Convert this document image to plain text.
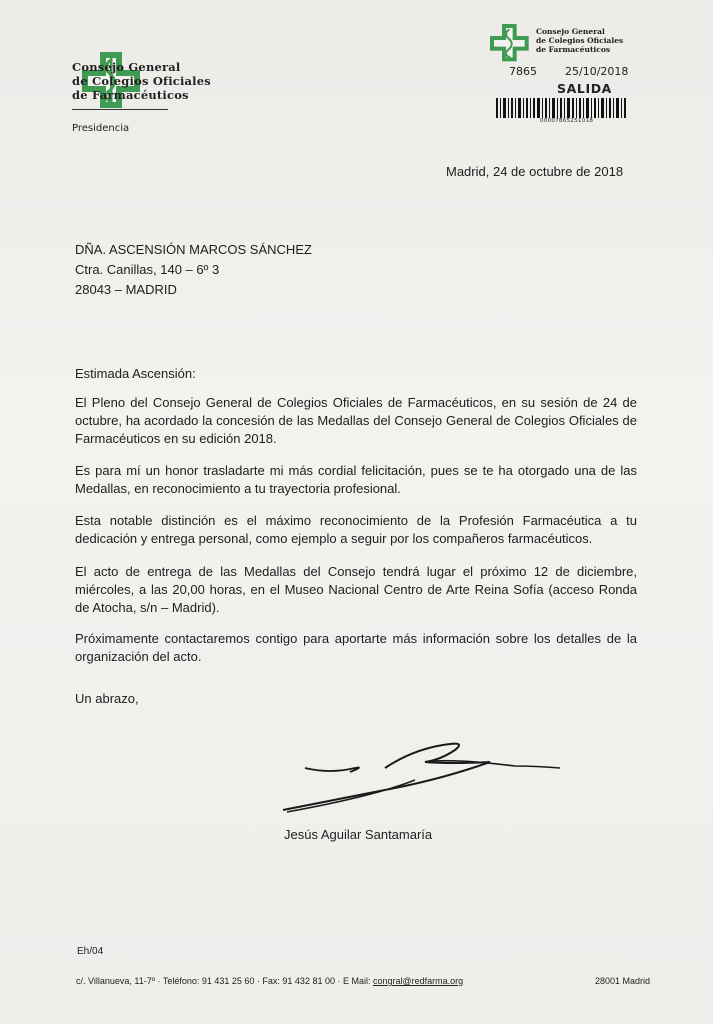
Consejo General
de Colegios Oficiales
de Farmacéuticos
Presidencia
Consejo General
de Colegios Oficiales
de Farmacéuticos
7865	25/10/2018
SALIDA
00007865251018
Madrid, 24 de octubre de 2018
DÑA. ASCENSIÓN MARCOS SÁNCHEZ
Ctra. Canillas, 140 – 6º 3
28043 – MADRID
Estimada Ascensión:

El Pleno del Consejo General de Colegios Oficiales de Farmacéuticos, en su sesión de 24 de octubre, ha acordado la concesión de las Medallas del Consejo General de Colegios Oficiales de Farmacéuticos en su edición 2018.

Es para mí un honor trasladarte mi más cordial felicitación, pues se te ha otorgado una de las Medallas, en reconocimiento a tu trayectoria profesional.

Esta notable distinción es el máximo reconocimiento de la Profesión Farmacéutica a tu dedicación y entrega personal, como ejemplo a seguir por los compañeros farmacéuticos.

El acto de entrega de las Medallas del Consejo tendrá lugar el próximo 12 de diciembre, miércoles, a las 20,00 horas, en el Museo Nacional Centro de Arte Reina Sofía (acceso Ronda de Atocha, s/n – Madrid).

Próximamente contactaremos contigo para aportarte más información sobre los detalles de la organización del acto.

Un abrazo,
Jesús Aguilar Santamaría
Eh/04
c/. Villanueva, 11-7º · Teléfono: 91 431 25 60 · Fax: 91 432 81 00 · E Mail: congral@redfarma.org	28001 Madrid
